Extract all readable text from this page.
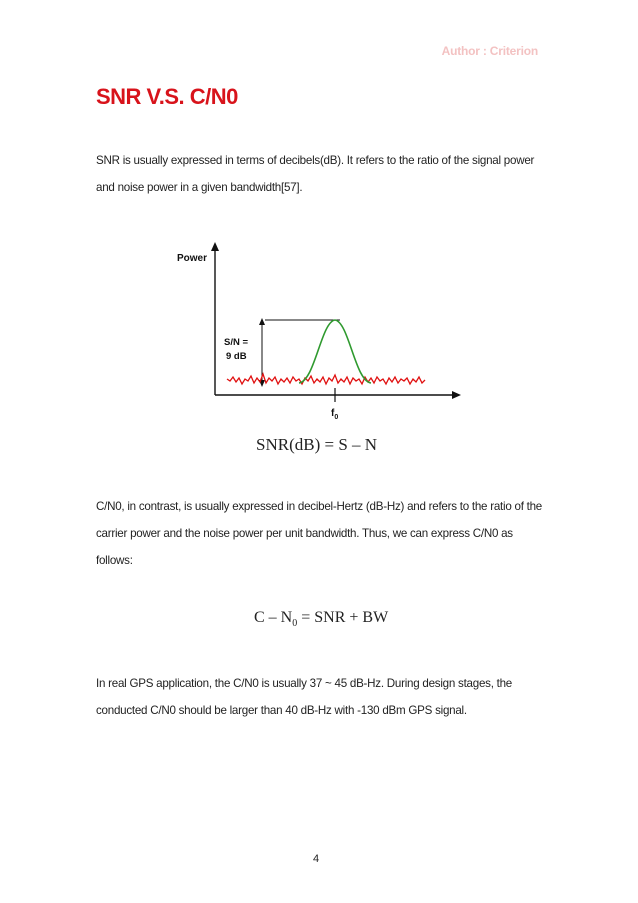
Author : Criterion
SNR V.S. C/N0

SNR is usually expressed in terms of decibels(dB). It refers to the ratio of the signal power and noise power in a given bandwidth[57].

Power
S/N =
9 dB
$f_0$
SNR(dB) = S – N

C/N0, in contrast, is usually expressed in decibel-Hertz (dB-Hz) and refers to the ratio of the carrier power and the noise power per unit bandwidth. Thus, we can express C/N0 as follows:

C – $N_0$ = SNR + BW

In real GPS application, the C/N0 is usually 37 ~ 45 dB-Hz. During design stages, the conducted C/N0 should be larger than 40 dB-Hz with -130 dBm GPS signal.

4
